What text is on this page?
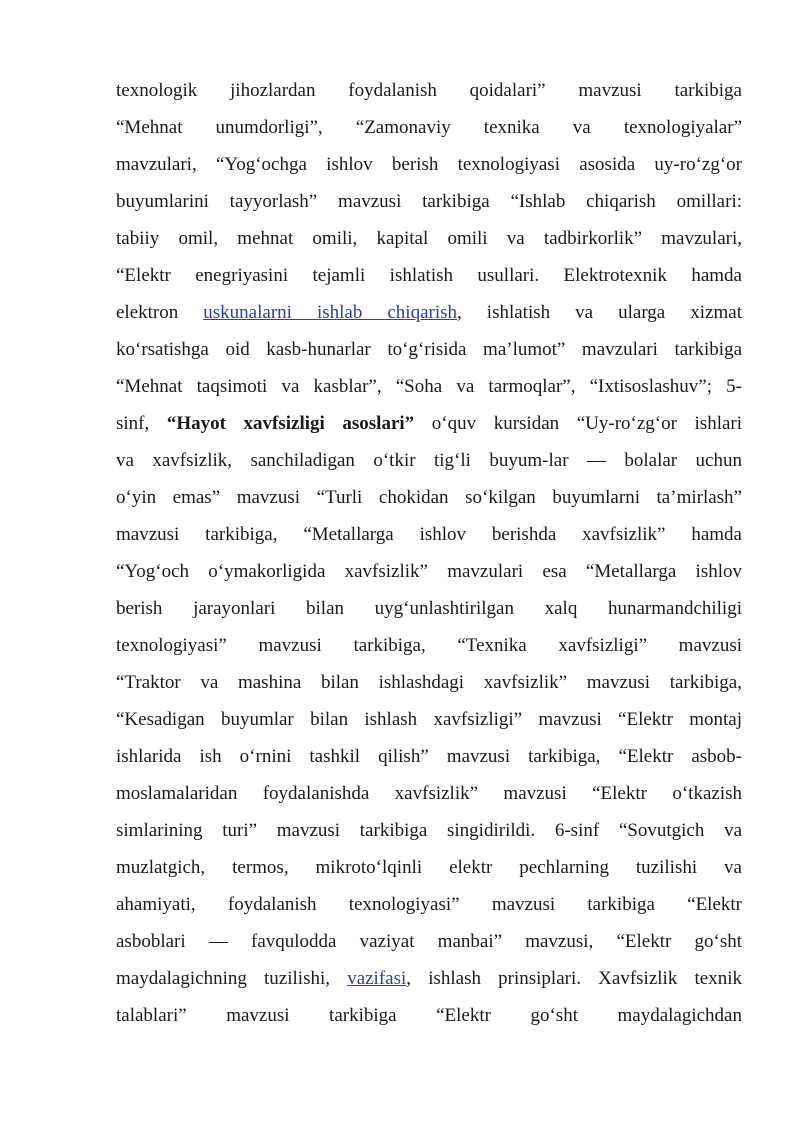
texnologik jihozlardan foydalanish qoidalari” mavzusi tarkibiga
“Mehnat unumdorligi”, “Zamonaviy texnika va texnologiyalar”
mavzulari, “Yog‘ochga ishlov berish texnologiyasi asosida uy-ro‘zg‘or
buyumlarini tayyorlash” mavzusi tarkibiga “Ishlab chiqarish omillari:
tabiiy omil, mehnat omili, kapital omili va tadbirkorlik” mavzulari,
“Elektr enegriyasini tejamli ishlatish usullari. Elektrotexnik hamda
elektron uskunalarni ishlab chiqarish, ishlatish va ularga xizmat
ko‘rsatishga oid kasb-hunarlar to‘g‘risida ma’lumot” mavzulari tarkibiga
“Mehnat taqsimoti va kasblar”, “Soha va tarmoqlar”, “Ixtisoslashuv”; 5-
sinf, “Hayot xavfsizligi asoslari” o‘quv kursidan “Uy-ro‘zg‘or ishlari
va xavfsizlik, sanchiladigan o‘tkir tig‘li buyum-lar — bolalar uchun
o‘yin emas” mavzusi “Turli chokidan so‘kilgan buyumlarni ta’mirlash”
mavzusi tarkibiga, “Metallarga ishlov berishda xavfsizlik” hamda
“Yog‘och o‘ymakorligida xavfsizlik” mavzulari esa “Metallarga ishlov
berish jarayonlari bilan uyg‘unlashtirilgan xalq hunarmandchiligi
texnologiyasi” mavzusi tarkibiga, “Texnika xavfsizligi” mavzusi
“Traktor va mashina bilan ishlashdagi xavfsizlik” mavzusi tarkibiga,
“Kesadigan buyumlar bilan ishlash xavfsizligi” mavzusi “Elektr montaj
ishlarida ish o‘rnini tashkil qilish” mavzusi tarkibiga, “Elektr asbob-
moslamalaridan foydalanishda xavfsizlik” mavzusi “Elektr o‘tkazish
simlarining turi” mavzusi tarkibiga singidirildi. 6-sinf “Sovutgich va
muzlatgich, termos, mikroto‘lqinli elektr pechlarning tuzilishi va
ahamiyati, foydalanish texnologiyasi” mavzusi tarkibiga “Elektr
asboblari — favqulodda vaziyat manbai” mavzusi, “Elektr go‘sht
maydalagichning tuzilishi, vazifasi, ishlash prinsiplari. Xavfsizlik texnik
talablari” mavzusi tarkibiga “Elektr go‘sht maydalagichdan
